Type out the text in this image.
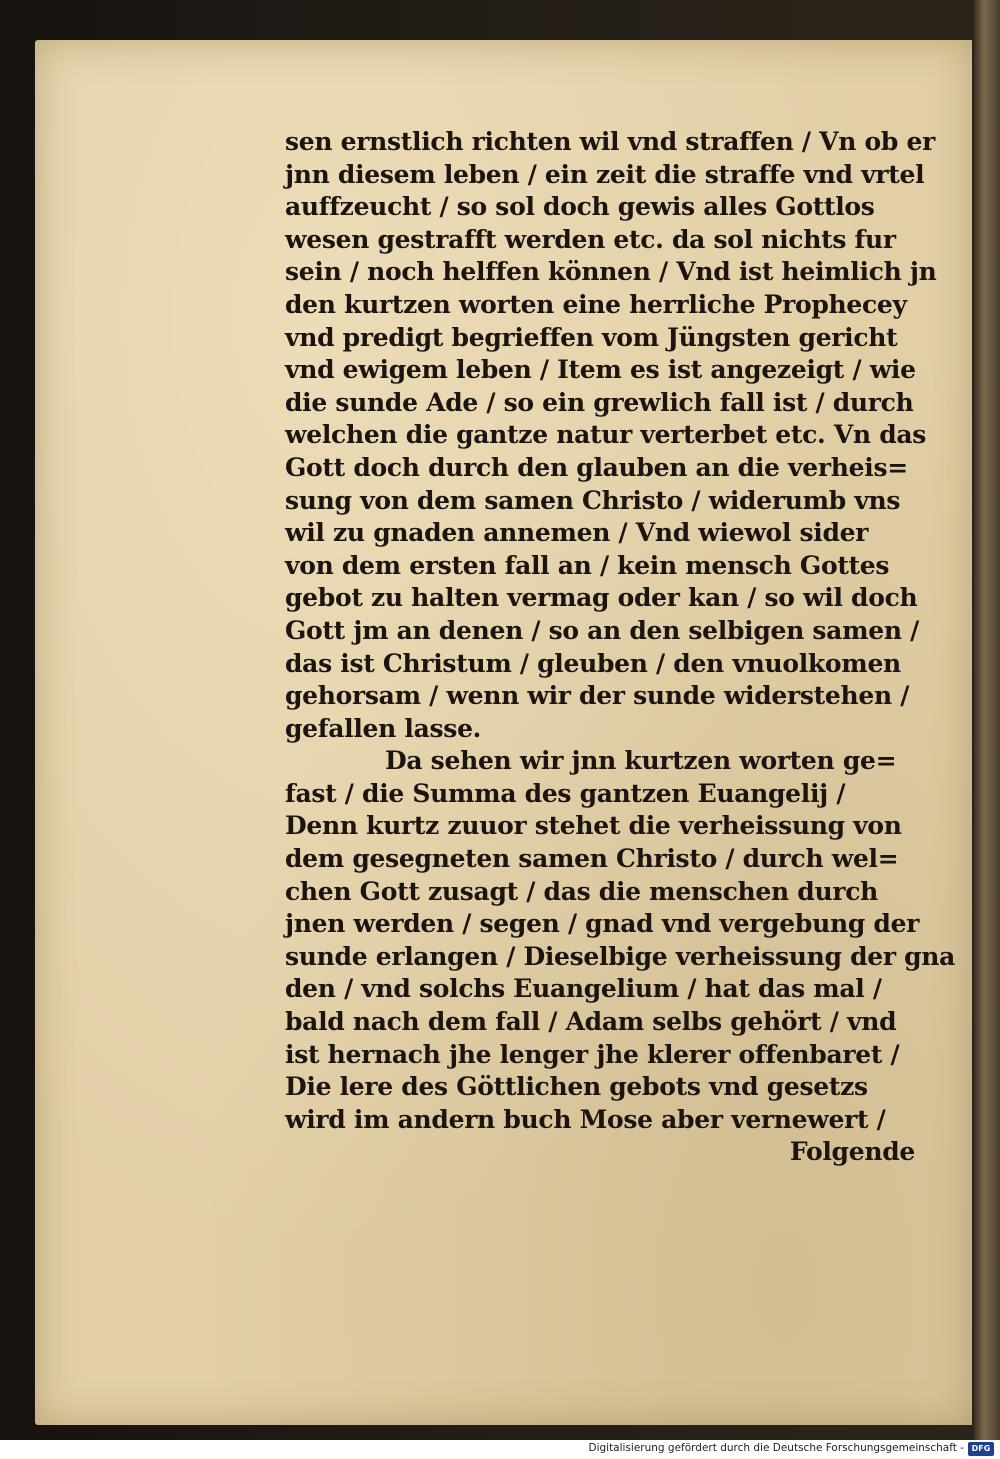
sen ernstlich richten wil vnd straffen / Vn ob er
jnn diesem leben / ein zeit die straffe vnd vrtel
auffzeucht / so sol doch gewis alles Gottlos
wesen gestrafft werden etc. da sol nichts fur
sein / noch helffen können / Vnd ist heimlich jn
den kurtzen worten eine herrliche Prophecey
vnd predigt begrieffen vom Jüngsten gericht
vnd ewigem leben / Item es ist angezeigt / wie
die sunde Ade / so ein grewlich fall ist / durch
welchen die gantze natur verterbet etc. Vn das
Gott doch durch den glauben an die verheis=
sung von dem samen Christo / widerumb vns
wil zu gnaden annemen / Vnd wiewol sider
von dem ersten fall an / kein mensch Gottes
gebot zu halten vermag oder kan / so wil doch
Gott jm an denen / so an den selbigen samen /
das ist Christum / gleuben / den vnuolkomen
gehorsam / wenn wir der sunde widerstehen /
gefallen lasse.
Da sehen wir jnn kurtzen worten ge=
fast / die Summa des gantzen Euangelij /
Denn kurtz zuuor stehet die verheissung von
dem gesegneten samen Christo / durch wel=
chen Gott zusagt / das die menschen durch
jnen werden / segen / gnad vnd vergebung der
sunde erlangen / Dieselbige verheissung der gna
den / vnd solchs Euangelium / hat das mal /
bald nach dem fall / Adam selbs gehört / vnd
ist hernach jhe lenger jhe klerer offenbaret /
Die lere des Göttlichen gebots vnd gesetzs
wird im andern buch Mose aber vernewert /
Folgende
Digitalisierung gefördert durch die Deutsche Forschungsgemeinschaft - DFG
